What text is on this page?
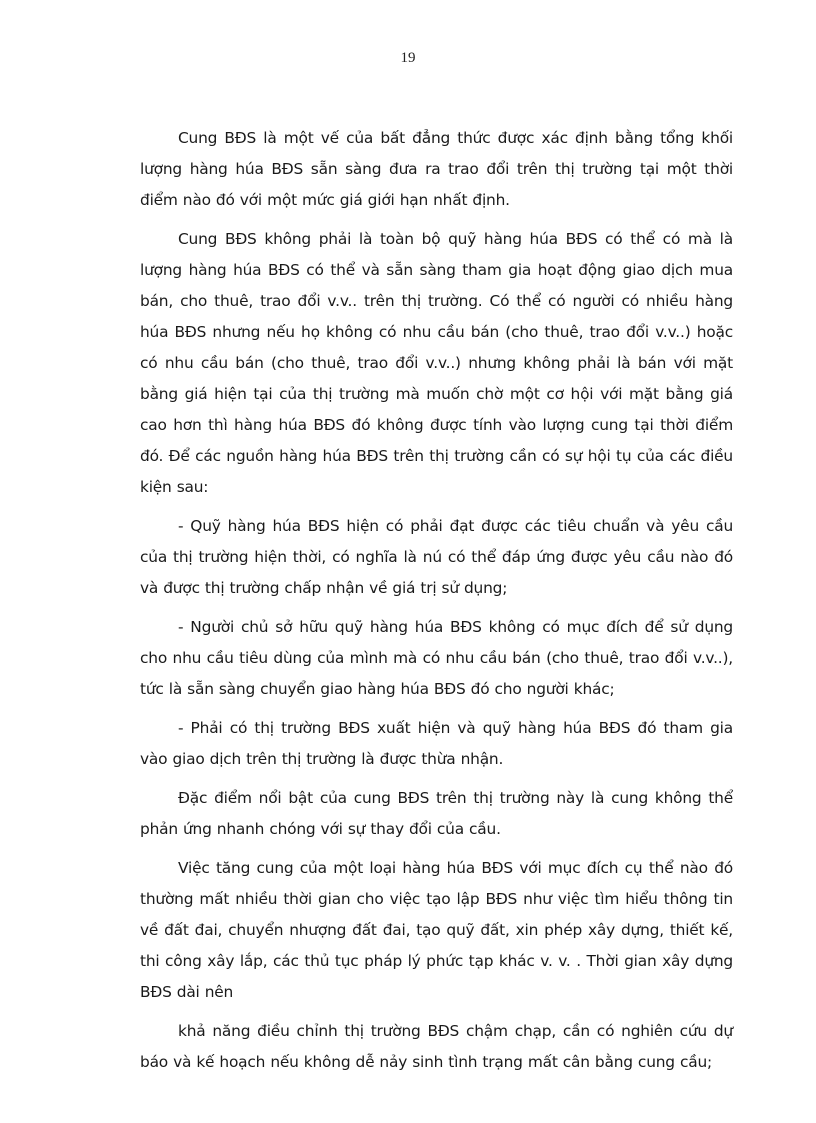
19

Cung BĐS là một vế của bất đẳng thức được xác định bằng tổng khối lượng hàng húa BĐS sẵn sàng đưa ra trao đổi trên thị trường tại một thời điểm nào đó với một mức giá giới hạn nhất định.

Cung BĐS không phải là toàn bộ quỹ hàng húa BĐS có thể có mà là lượng hàng húa BĐS có thể và sẵn sàng tham gia hoạt động giao dịch mua bán, cho thuê, trao đổi v.v.. trên thị trường. Có thể có người có nhiều hàng húa BĐS nhưng nếu họ không có nhu cầu bán (cho thuê, trao đổi v.v..) hoặc có nhu cầu bán (cho thuê, trao đổi v.v..) nhưng không phải là bán với mặt bằng giá hiện tại của thị trường mà muốn chờ một cơ hội với mặt bằng giá cao hơn thì hàng húa BĐS đó không được tính vào lượng cung tại thời điểm đó. Để các nguồn hàng húa BĐS trên thị trường cần có sự hội tụ của các điều kiện sau:

- Quỹ hàng húa BĐS hiện có phải đạt được các tiêu chuẩn và yêu cầu của thị trường hiện thời, có nghĩa là nú có thể đáp ứng được yêu cầu nào đó và được thị trường chấp nhận về giá trị sử dụng;

- Người chủ sở hữu quỹ hàng húa BĐS không có mục đích để sử dụng cho nhu cầu tiêu dùng của mình mà có nhu cầu bán (cho thuê, trao đổi v.v..), tức là sẵn sàng chuyển giao hàng húa BĐS đó cho người khác;

- Phải có thị trường BĐS xuất hiện và quỹ hàng húa BĐS đó tham gia vào giao dịch trên thị trường là được thừa nhận.

Đặc điểm nổi bật của cung BĐS trên thị trường này là cung không thể phản ứng nhanh chóng với sự thay đổi của cầu.

Việc tăng cung của một loại hàng húa BĐS với mục đích cụ thể nào đó thường mất nhiều thời gian cho việc tạo lập BĐS như việc tìm hiểu thông tin về đất đai, chuyển nhượng đất đai, tạo quỹ đất, xin phép xây dựng, thiết kế, thi công xây lắp, các thủ tục pháp lý phức tạp khác v. v. . Thời gian xây dựng BĐS dài nên

khả năng điều chỉnh thị trường BĐS chậm chạp, cần có nghiên cứu dự báo và kế hoạch nếu không dễ nảy sinh tình trạng mất cân bằng cung cầu;
